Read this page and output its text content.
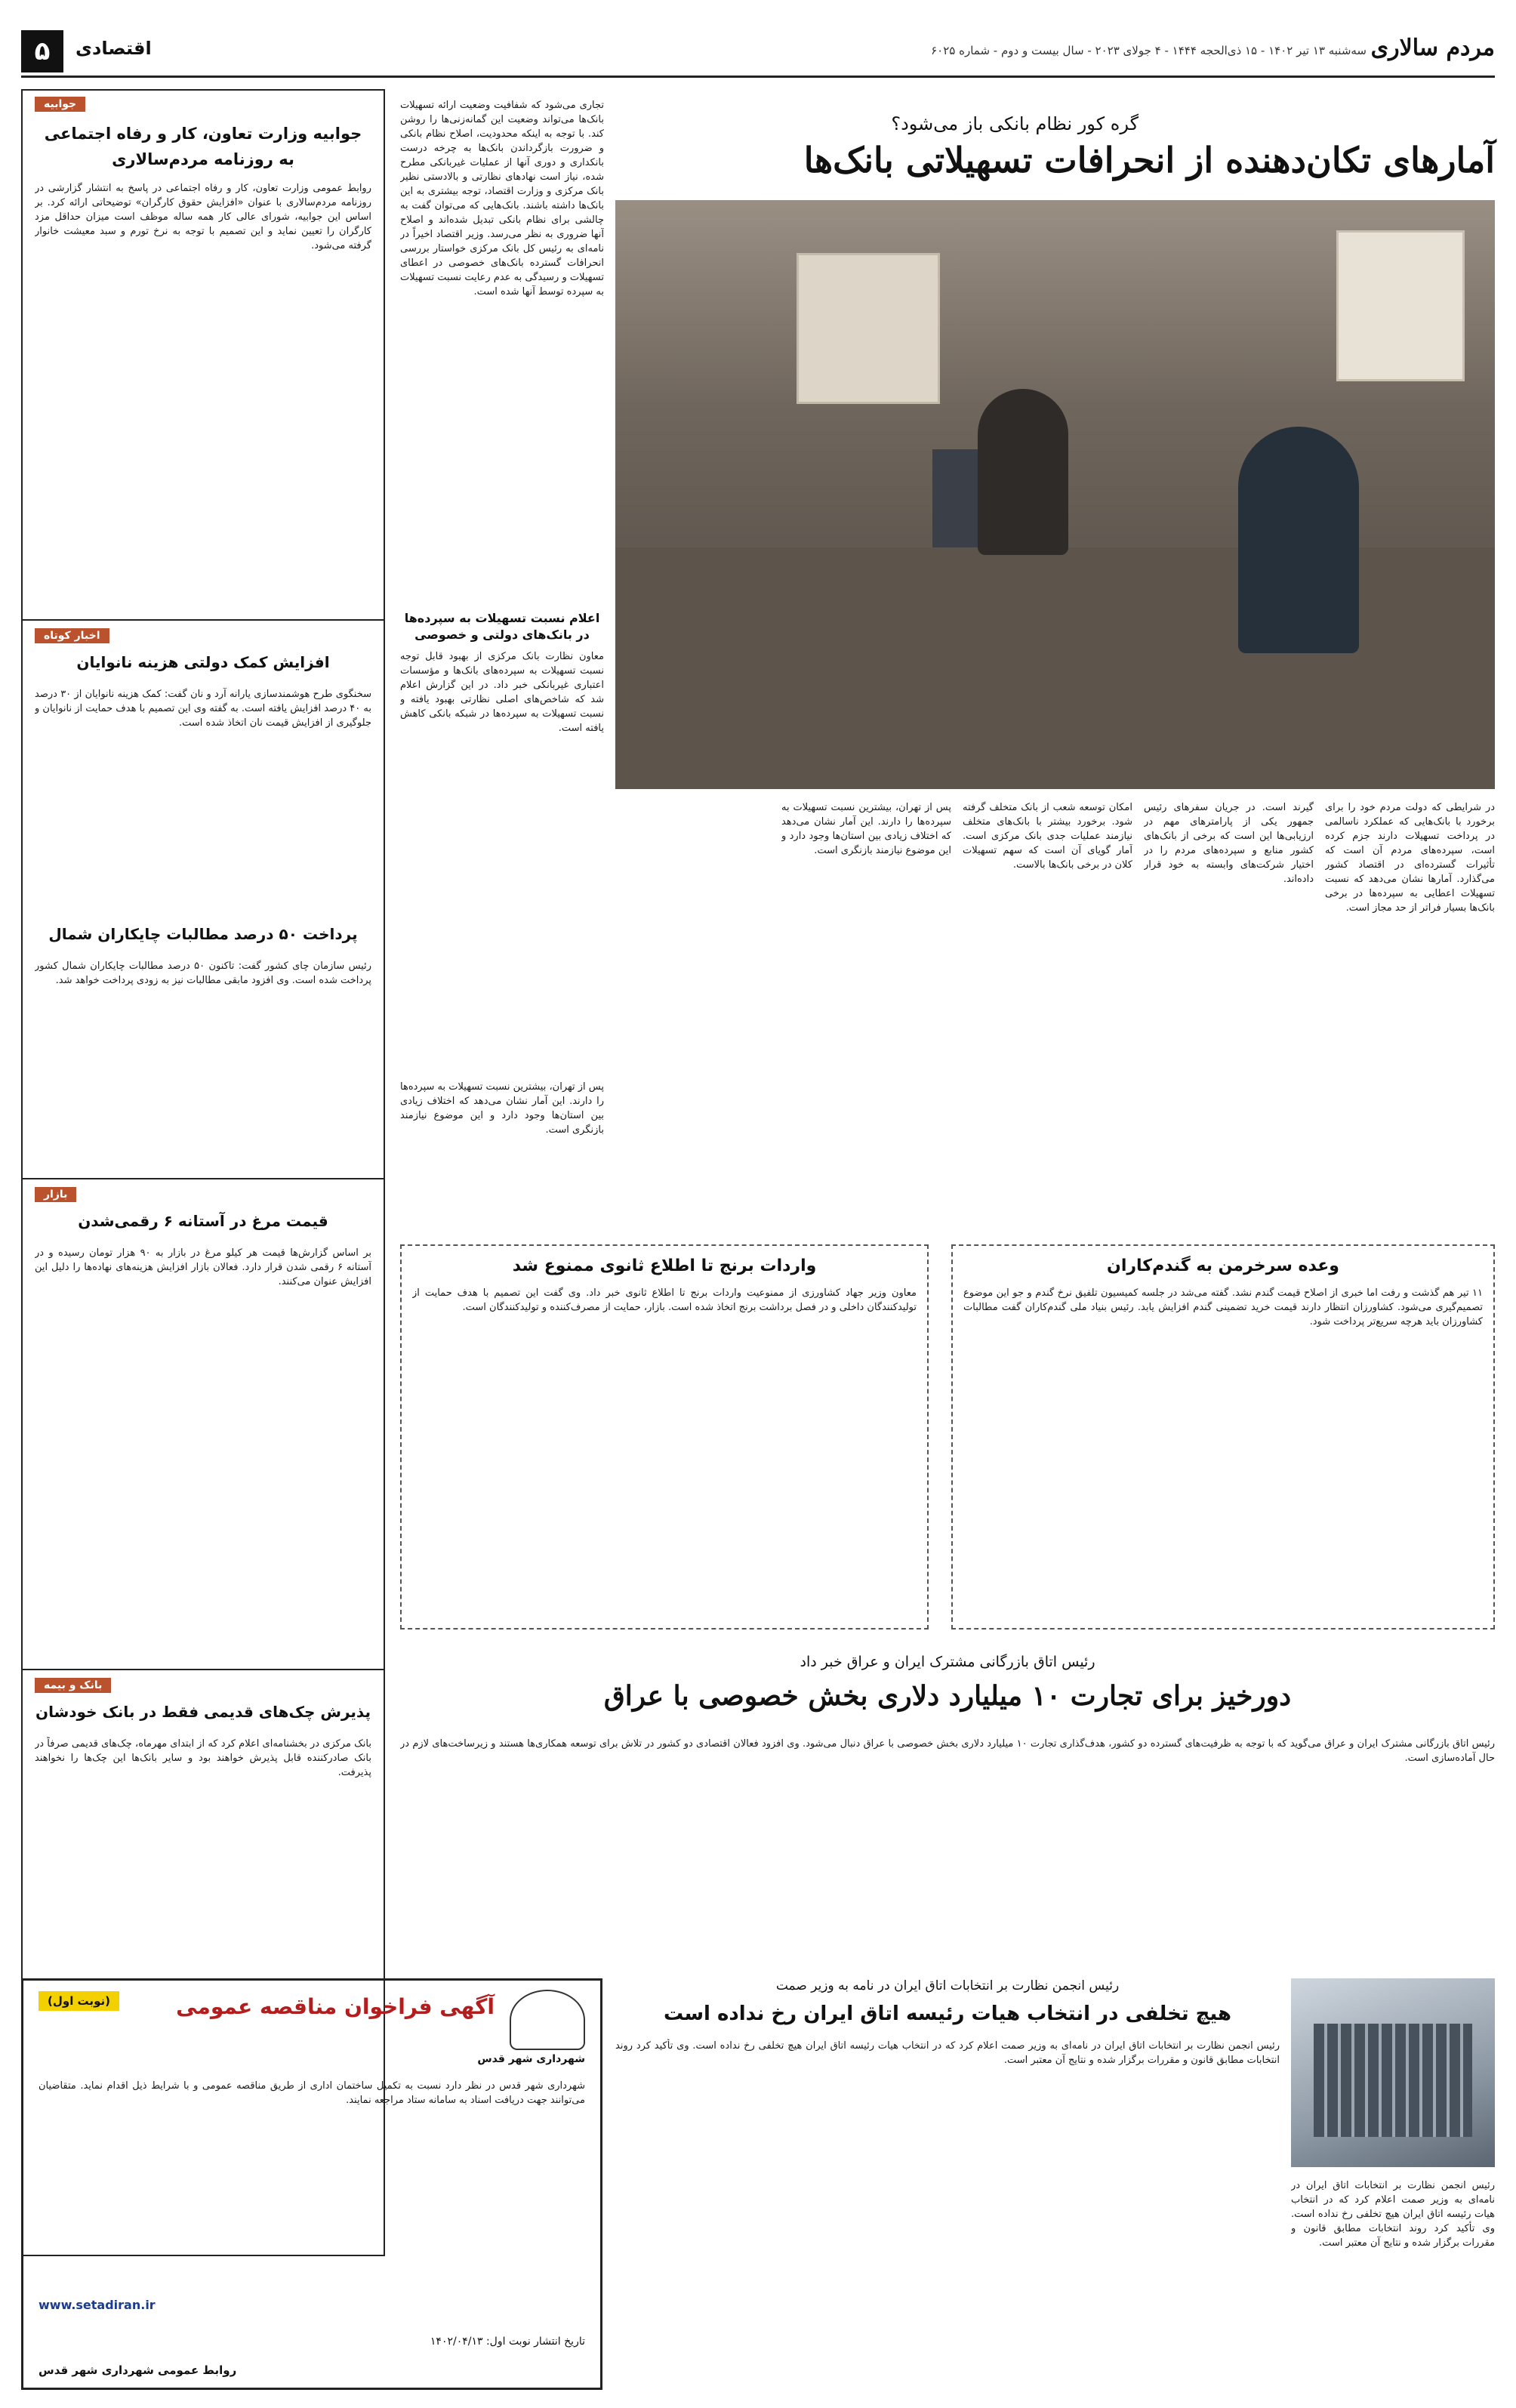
مردم سالاری
سه‌شنبه ۱۳ تیر ۱۴۰۲ - ۱۵ ذی‌الحجه ۱۴۴۴ - ۴ جولای ۲۰۲۳ - سال بیست و دوم - شماره ۶۰۲۵
۵	اقتصادی
جوابیه
جوابیه وزارت تعاون، کار و رفاه اجتماعی به روزنامه مردم‌سالاری
روابط عمومی وزارت تعاون، کار و رفاه اجتماعی در پاسخ به انتشار گزارشی در روزنامه مردم‌سالاری با عنوان «افزایش حقوق کارگران» توضیحاتی ارائه کرد. بر اساس این جوابیه، شورای عالی کار همه ساله موظف است میزان حداقل مزد کارگران را تعیین نماید و این تصمیم با توجه به نرخ تورم و سبد معیشت خانوار گرفته می‌شود.
اخبار کوتاه
افزایش کمک دولتی هزینه نانوایان
سخنگوی طرح هوشمندسازی یارانه آرد و نان گفت: کمک هزینه نانوایان از ۳۰ درصد به ۴۰ درصد افزایش یافته است. به گفته وی این تصمیم با هدف حمایت از نانوایان و جلوگیری از افزایش قیمت نان اتخاذ شده است.
پرداخت ۵۰ درصد مطالبات چایکاران شمال
رئیس سازمان چای کشور گفت: تاکنون ۵۰ درصد مطالبات چایکاران شمال کشور پرداخت شده است. وی افزود مابقی مطالبات نیز به زودی پرداخت خواهد شد.
بازار
قیمت مرغ در آستانه ۶ رقمی‌شدن
بر اساس گزارش‌ها قیمت هر کیلو مرغ در بازار به ۹۰ هزار تومان رسیده و در آستانه ۶ رقمی شدن قرار دارد. فعالان بازار افزایش هزینه‌های نهاده‌ها را دلیل این افزایش عنوان می‌کنند.
بانک و بیمه
پذیرش چک‌های قدیمی فقط در بانک خودشان
بانک مرکزی در بخشنامه‌ای اعلام کرد که از ابتدای مهرماه، چک‌های قدیمی صرفاً در بانک صادرکننده قابل پذیرش خواهند بود و سایر بانک‌ها این چک‌ها را نخواهند پذیرفت.
گره کور نظام بانکی باز می‌شود؟
آمارهای تکان‌دهنده از انحرافات تسهیلاتی بانک‌ها
تجاری می‌شود که شفافیت وضعیت ارائه تسهیلات بانک‌ها می‌تواند وضعیت این گمانه‌زنی‌ها را روشن کند. با توجه به اینکه محدودیت، اصلاح نظام بانکی و ضرورت بازگرداندن بانک‌ها به چرخه درست بانکداری و دوری آنها از عملیات غیربانکی مطرح شده، نیاز است نهادهای نظارتی و بالادستی نظیر بانک مرکزی و وزارت اقتصاد، توجه بیشتری به این بانک‌ها داشته باشند. بانک‌هایی که می‌توان گفت به چالشی برای نظام بانکی تبدیل شده‌اند و اصلاح آنها ضروری به نظر می‌رسد. وزیر اقتصاد اخیراً در نامه‌ای به رئیس کل بانک مرکزی خواستار بررسی انحرافات گسترده بانک‌های خصوصی در اعطای تسهیلات و رسیدگی به عدم رعایت نسبت تسهیلات به سپرده توسط آنها شده است.
اعلام نسبت تسهیلات به سپرده‌ها در بانک‌های دولتی و خصوصی
معاون نظارت بانک مرکزی از بهبود قابل توجه نسبت تسهیلات به سپرده‌های بانک‌ها و مؤسسات اعتباری غیربانکی خبر داد. در این گزارش اعلام شد که شاخص‌های اصلی نظارتی بهبود یافته و نسبت تسهیلات به سپرده‌ها در شبکه بانکی کاهش یافته است.
در شرایطی که دولت مردم خود را برای برخورد با بانک‌هایی که عملکرد ناسالمی در پرداخت تسهیلات دارند جزم کرده است، سپرده‌های مردم آن است که تأثیرات گسترده‌ای در اقتصاد کشور می‌گذارد. آمارها نشان می‌دهد که نسبت تسهیلات اعطایی به سپرده‌ها در برخی بانک‌ها بسیار فراتر از حد مجاز است.
گیرند است. در جریان سفرهای رئیس جمهور یکی از پارامترهای مهم در ارزیابی‌ها این است که برخی از بانک‌های کشور منابع و سپرده‌های مردم را در اختیار شرکت‌های وابسته به خود قرار داده‌اند.
امکان توسعه شعب از بانک متخلف گرفته شود. برخورد بیشتر با بانک‌های متخلف نیازمند عملیات جدی بانک مرکزی است. آمار گویای آن است که سهم تسهیلات کلان در برخی بانک‌ها بالاست.
پس از تهران، بیشترین نسبت تسهیلات به سپرده‌ها را دارند. این آمار نشان می‌دهد که اختلاف زیادی بین استان‌ها وجود دارد و این موضوع نیازمند بازنگری است.
پس از تهران، بیشترین نسبت تسهیلات به سپرده‌ها را دارند. این آمار نشان می‌دهد که اختلاف زیادی بین استان‌ها وجود دارد و این موضوع نیازمند بازنگری است.
وعده سرخرمن به گندم‌کاران
۱۱ تیر هم گذشت و رفت اما خبری از اصلاح قیمت گندم نشد. گفته می‌شد در جلسه کمیسیون تلفیق نرخ گندم و جو این موضوع تصمیم‌گیری می‌شود. کشاورزان انتظار دارند قیمت خرید تضمینی گندم افزایش یابد. رئیس بنیاد ملی گندم‌کاران گفت مطالبات کشاورزان باید هرچه سریع‌تر پرداخت شود.
واردات برنج تا اطلاع ثانوی ممنوع شد
معاون وزیر جهاد کشاورزی از ممنوعیت واردات برنج تا اطلاع ثانوی خبر داد. وی گفت این تصمیم با هدف حمایت از تولیدکنندگان داخلی و در فصل برداشت برنج اتخاذ شده است. بازار، حمایت از مصرف‌کننده و تولیدکنندگان است.
رئیس اتاق بازرگانی مشترک ایران و عراق خبر داد
دورخیز برای تجارت ۱۰ میلیارد دلاری بخش خصوصی با عراق
رئیس اتاق بازرگانی مشترک ایران و عراق می‌گوید که با توجه به ظرفیت‌های گسترده دو کشور، هدف‌گذاری تجارت ۱۰ میلیارد دلاری بخش خصوصی با عراق دنبال می‌شود. وی افزود فعالان اقتصادی دو کشور در تلاش برای توسعه همکاری‌ها هستند و زیرساخت‌های لازم در حال آماده‌سازی است.
(نوبت اول)	آگهی فراخوان مناقصه عمومی
شهرداری شهر قدس
شهرداری شهر قدس در نظر دارد نسبت به تکمیل ساختمان اداری از طریق مناقصه عمومی و با شرایط ذیل اقدام نماید. متقاضیان می‌توانند جهت دریافت اسناد به سامانه ستاد مراجعه نمایند.
www.setadiran.ir
تاریخ انتشار نوبت اول: ۱۴۰۲/۰۴/۱۳
روابط عمومی شهرداری شهر قدس
رئیس انجمن نظارت بر انتخابات اتاق ایران در نامه به وزیر صمت
هیچ تخلفی در انتخاب هیات رئیسه اتاق ایران رخ نداده است
رئیس انجمن نظارت بر انتخابات اتاق ایران در نامه‌ای به وزیر صمت اعلام کرد که در انتخاب هیات رئیسه اتاق ایران هیچ تخلفی رخ نداده است. وی تأکید کرد روند انتخابات مطابق قانون و مقررات برگزار شده و نتایج آن معتبر است.
رئیس انجمن نظارت بر انتخابات اتاق ایران در نامه‌ای به وزیر صمت اعلام کرد که در انتخاب هیات رئیسه اتاق ایران هیچ تخلفی رخ نداده است. وی تأکید کرد روند انتخابات مطابق قانون و مقررات برگزار شده و نتایج آن معتبر است.
